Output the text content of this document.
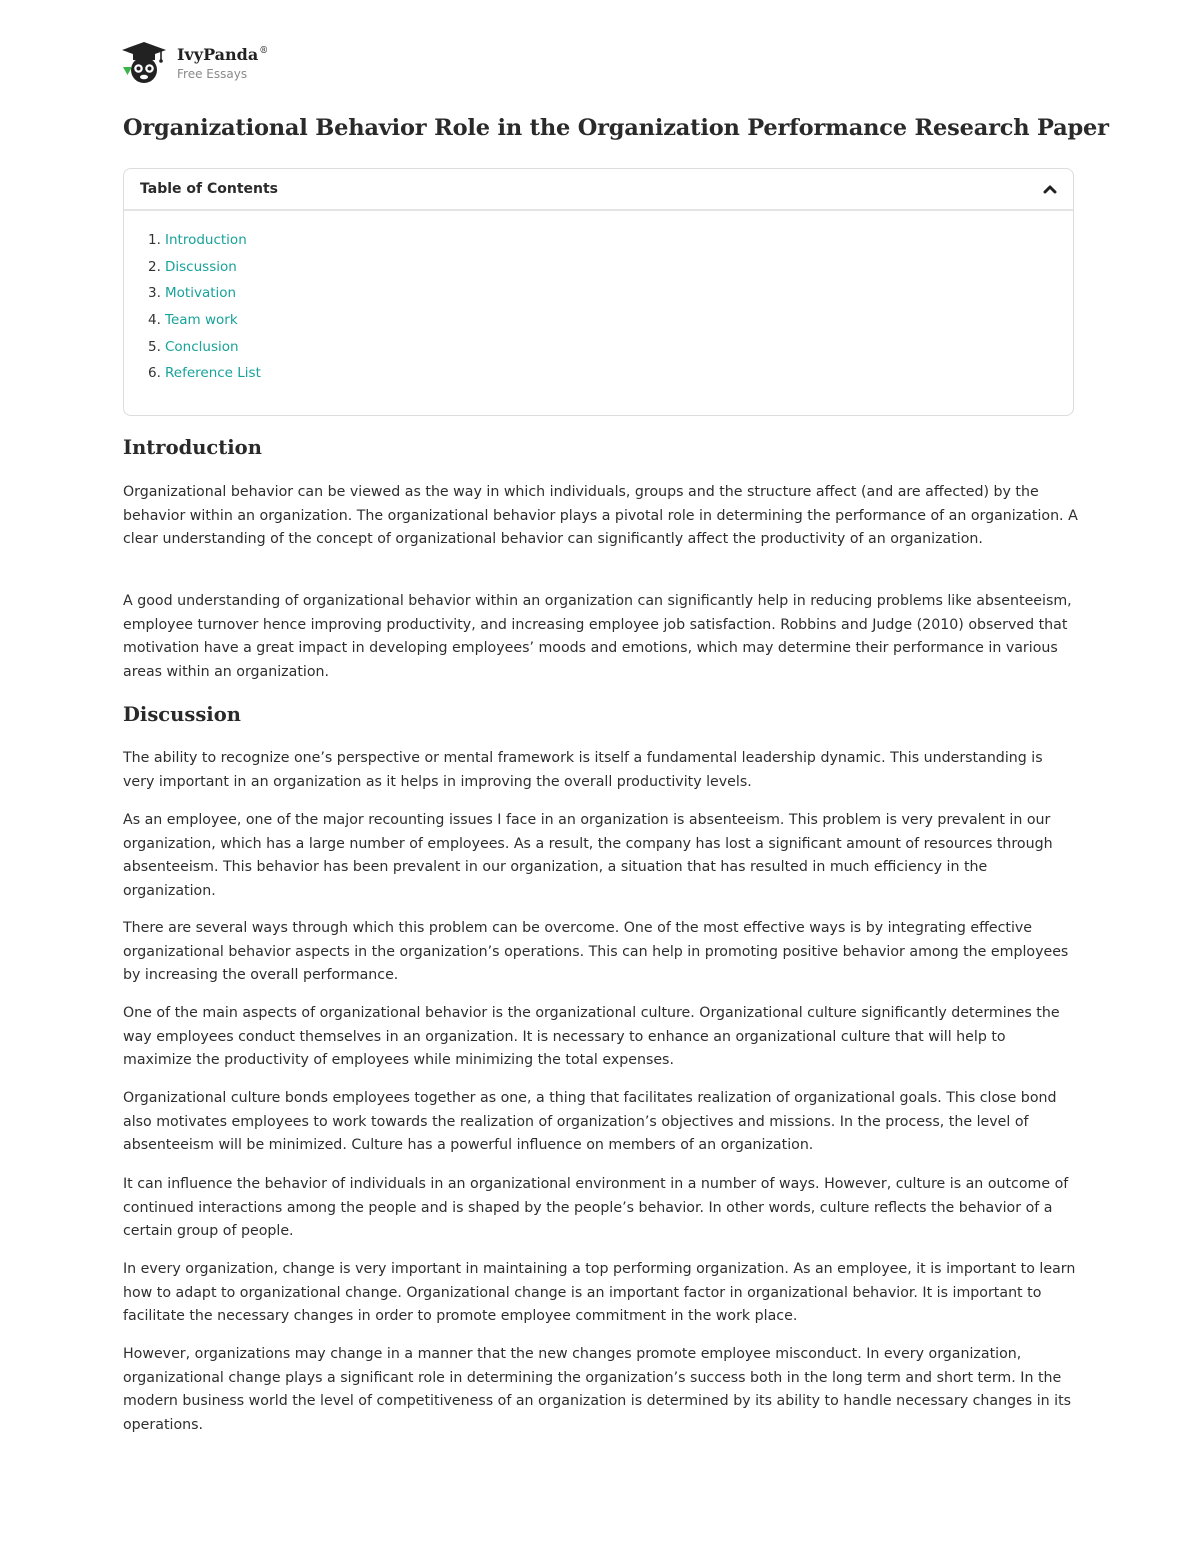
IvyPanda®
Free Essays
Organizational Behavior Role in the Organization Performance Research Paper
Table of Contents
1. Introduction
2. Discussion
3. Motivation
4. Team work
5. Conclusion
6. Reference List
Introduction

Organizational behavior can be viewed as the way in which individuals, groups and the structure affect (and are affected) by the behavior within an organization. The organizational behavior plays a pivotal role in determining the performance of an organization. A clear understanding of the concept of organizational behavior can significantly affect the productivity of an organization.

A good understanding of organizational behavior within an organization can significantly help in reducing problems like absenteeism, employee turnover hence improving productivity, and increasing employee job satisfaction. Robbins and Judge (2010) observed that motivation have a great impact in developing employees’ moods and emotions, which may determine their performance in various areas within an organization.

Discussion

The ability to recognize one’s perspective or mental framework is itself a fundamental leadership dynamic. This understanding is very important in an organization as it helps in improving the overall productivity levels.

As an employee, one of the major recounting issues I face in an organization is absenteeism. This problem is very prevalent in our organization, which has a large number of employees. As a result, the company has lost a significant amount of resources through absenteeism. This behavior has been prevalent in our organization, a situation that has resulted in much efficiency in the organization.

There are several ways through which this problem can be overcome. One of the most effective ways is by integrating effective organizational behavior aspects in the organization’s operations. This can help in promoting positive behavior among the employees by increasing the overall performance.

One of the main aspects of organizational behavior is the organizational culture. Organizational culture significantly determines the way employees conduct themselves in an organization. It is necessary to enhance an organizational culture that will help to maximize the productivity of employees while minimizing the total expenses.

Organizational culture bonds employees together as one, a thing that facilitates realization of organizational goals. This close bond also motivates employees to work towards the realization of organization’s objectives and missions. In the process, the level of absenteeism will be minimized. Culture has a powerful influence on members of an organization.

It can influence the behavior of individuals in an organizational environment in a number of ways. However, culture is an outcome of continued interactions among the people and is shaped by the people’s behavior. In other words, culture reflects the behavior of a certain group of people.

In every organization, change is very important in maintaining a top performing organization. As an employee, it is important to learn how to adapt to organizational change. Organizational change is an important factor in organizational behavior. It is important to facilitate the necessary changes in order to promote employee commitment in the work place.

However, organizations may change in a manner that the new changes promote employee misconduct. In every organization, organizational change plays a significant role in determining the organization’s success both in the long term and short term. In the modern business world the level of competitiveness of an organization is determined by its ability to handle necessary changes in its operations.
